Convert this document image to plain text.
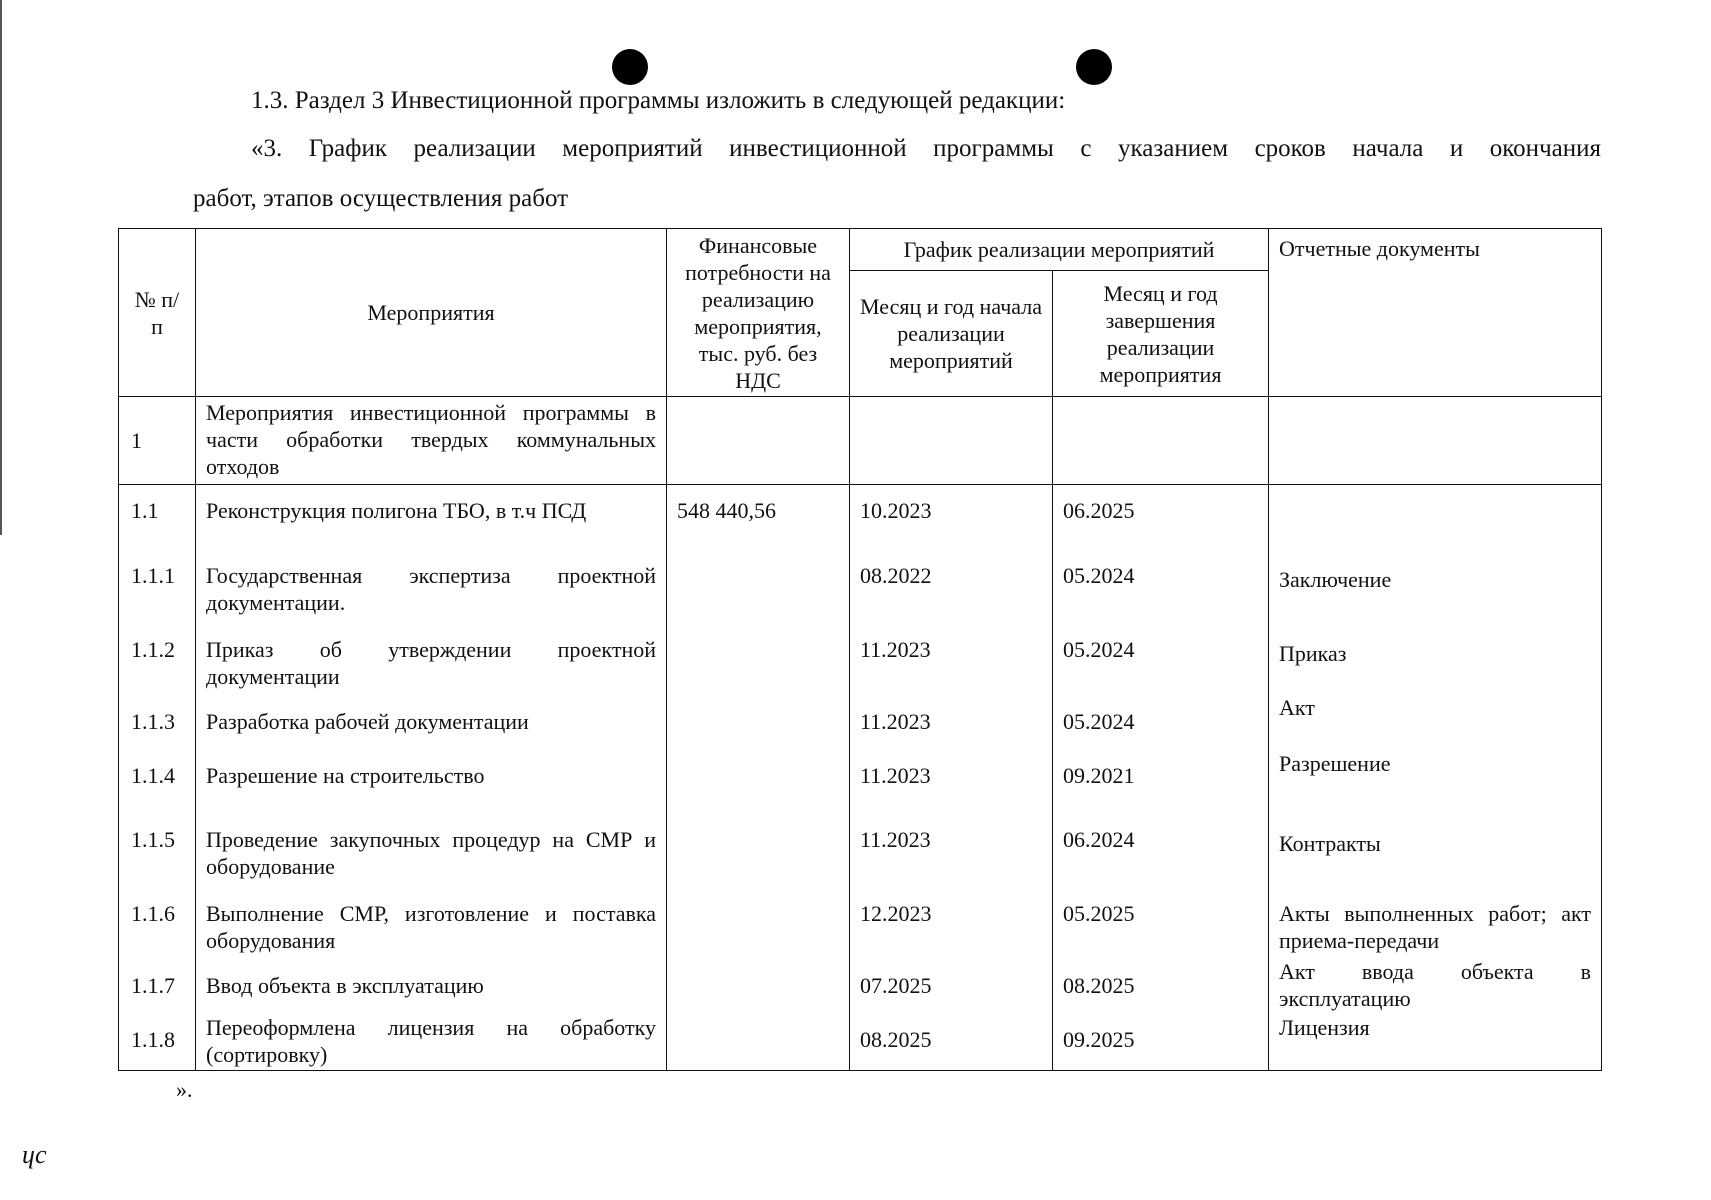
1.3. Раздел 3 Инвестиционной программы изложить в следующей редакции:
«3. График реализации мероприятий инвестиционной программы с указанием сроков начала и окончания
работ, этапов осуществления работ
№ п/п	Мероприятия	Финансовые потребности на реализацию мероприятия, тыс. руб. без НДС	График реализации мероприятий		Отчетные документы
			Месяц и год начала реализации мероприятий	Месяц и год завершения реализации мероприятия	
1	Мероприятия инвестиционной программы в части обработки твердых коммунальных отходов				
1.1	Реконструкция полигона ТБО, в т.ч ПСД	548 440,56	10.2023	06.2025	
1.1.1	Государственная экспертиза проектной документации.		08.2022	05.2024	Заключение
1.1.2	Приказ об утверждении проектной документации		11.2023	05.2024	Приказ
1.1.3	Разработка рабочей документации		11.2023	05.2024	Акт
1.1.4	Разрешение на строительство		11.2023	09.2021	Разрешение
1.1.5	Проведение закупочных процедур на СМР и оборудование		11.2023	06.2024	Контракты
1.1.6	Выполнение СМР, изготовление и поставка оборудования		12.2023	05.2025	Акты выполненных работ; акт приема-передачи
1.1.7	Ввод объекта в эксплуатацию		07.2025	08.2025	Акт ввода объекта в эксплуатацию
1.1.8	Переоформлена лицензия на обработку (сортировку)		08.2025	09.2025	Лицензия
».
ɥc
